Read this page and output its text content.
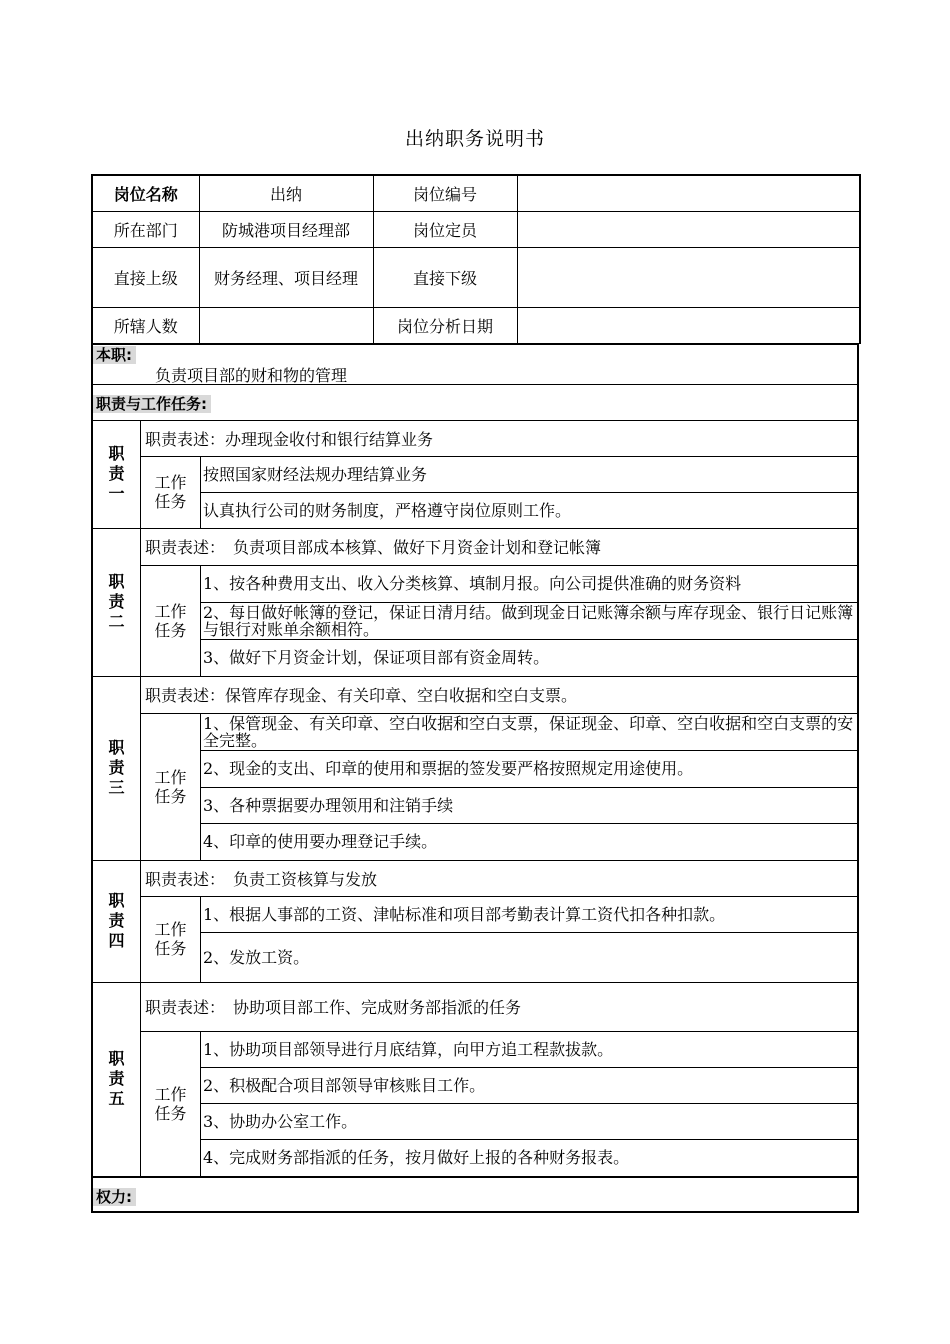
出纳职务说明书
岗位名称	出纳	岗位编号	
所在部门	防城港项目经理部	岗位定员	
直接上级	财务经理、项目经理	直接下级	
所辖人数		岗位分析日期	
本职:
负责项目部的财和物的管理
职责与工作任务:
职责一
职责表述：办理现金收付和银行结算业务
工作任务
按照国家财经法规办理结算业务
认真执行公司的财务制度，严格遵守岗位原则工作。
职责二
职责表述：　负责项目部成本核算、做好下月资金计划和登记帐簿
工作任务
1、按各种费用支出、收入分类核算、填制月报。向公司提供准确的财务资料
2、每日做好帐簿的登记，保证日清月结。做到现金日记账簿余额与库存现金、银行日记账簿与银行对账单余额相符。
3、做好下月资金计划，保证项目部有资金周转。
职责三
职责表述：保管库存现金、有关印章、空白收据和空白支票。
工作任务
1、保管现金、有关印章、空白收据和空白支票，保证现金、印章、空白收据和空白支票的安全完整。
2、现金的支出、印章的使用和票据的签发要严格按照规定用途使用。
3、各种票据要办理领用和注销手续
4、印章的使用要办理登记手续。
职责四
职责表述：　负责工资核算与发放
工作任务
1、根据人事部的工资、津帖标准和项目部考勤表计算工资代扣各种扣款。
2、发放工资。
职责五
职责表述：　协助项目部工作、完成财务部指派的任务
工作任务
1、协助项目部领导进行月底结算，向甲方追工程款拔款。
2、积极配合项目部领导审核账目工作。
3、协助办公室工作。
4、完成财务部指派的任务，按月做好上报的各种财务报表。
权力:
